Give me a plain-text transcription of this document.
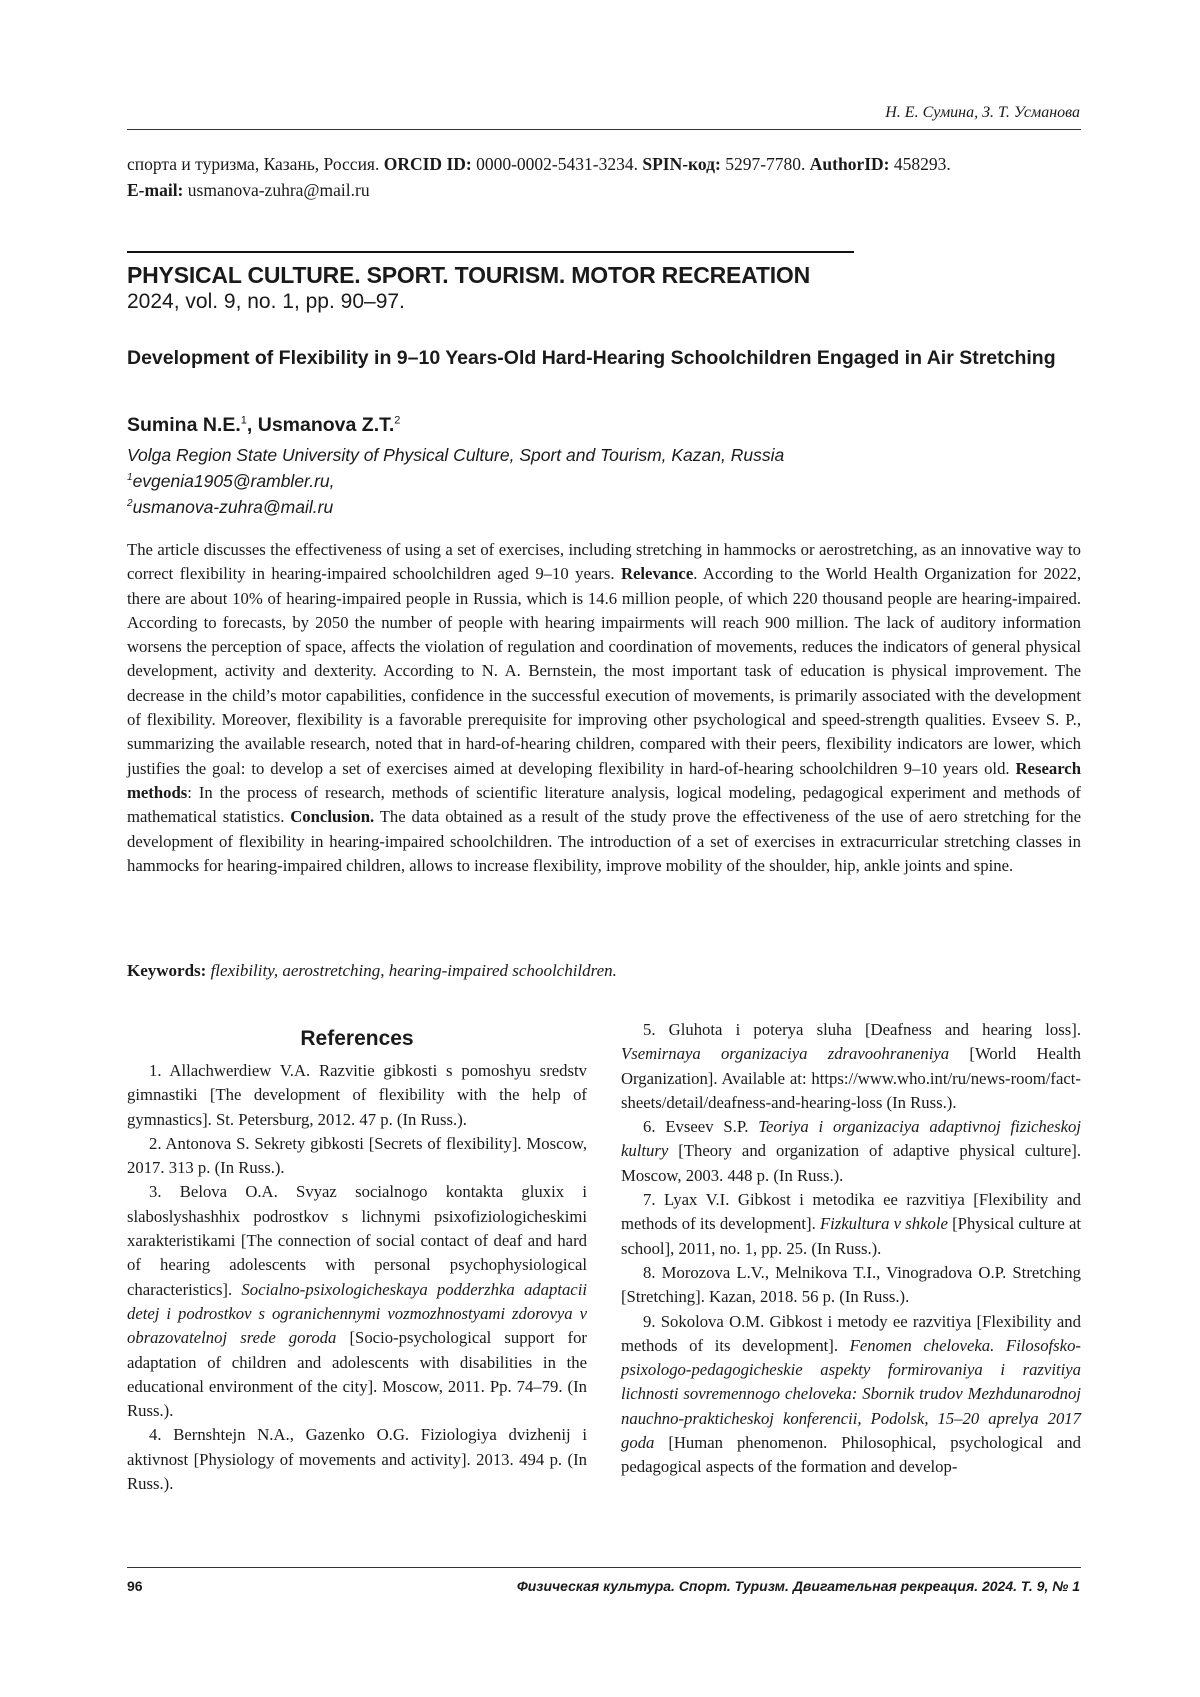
Н. Е. Сумина, З. Т. Усманова
спорта и туризма, Казань, Россия. ORCID ID: 0000-0002-5431-3234. SPIN-код: 5297-7780. AuthorID: 458293.
E-mail: usmanova-zuhra@mail.ru
PHYSICAL CULTURE. SPORT. TOURISM. MOTOR RECREATION
2024, vol. 9, no. 1, pp. 90–97.
Development of Flexibility in 9–10 Years-Old Hard-Hearing Schoolchildren Engaged in Air Stretching
Sumina N.E.$^1$, Usmanova Z.T.$^2$
Volga Region State University of Physical Culture, Sport and Tourism, Kazan, Russia
$^1$evgenia1905@rambler.ru,
$^2$usmanova-zuhra@mail.ru
The article discusses the effectiveness of using a set of exercises, including stretching in hammocks or aerostretching, as an innovative way to correct flexibility in hearing-impaired schoolchildren aged 9–10 years. Relevance. According to the World Health Organization for 2022, there are about 10% of hearing-impaired people in Russia, which is 14.6 million people, of which 220 thousand people are hearing-impaired. According to forecasts, by 2050 the number of people with hearing impairments will reach 900 million. The lack of auditory information worsens the perception of space, affects the violation of regulation and coordination of movements, reduces the indicators of general physical development, activity and dexterity. According to N. A. Bernstein, the most important task of education is physical improvement. The decrease in the child’s motor capabilities, confidence in the successful execution of movements, is primarily associated with the development of flexibility. Moreover, flexibility is a favorable prerequisite for improving other psychological and speed-strength qualities. Evseev S. P., summarizing the available research, noted that in hard-of-hearing children, compared with their peers, flexibility indicators are lower, which justifies the goal: to develop a set of exercises aimed at developing flexibility in hard-of-hearing schoolchildren 9–10 years old. Research methods: In the process of research, methods of scientific literature analysis, logical modeling, pedagogical experiment and methods of mathematical statistics. Conclusion. The data obtained as a result of the study prove the effectiveness of the use of aero stretching for the development of flexibility in hearing-impaired schoolchildren. The introduction of a set of exercises in extracurricular stretching classes in hammocks for hearing-impaired children, allows to increase flexibility, improve mobility of the shoulder, hip, ankle joints and spine.
Keywords: flexibility, aerostretching, hearing-impaired schoolchildren.
References

1. Allachwerdiew V.A. Razvitie gibkosti s pomoshyu sredstv gimnastiki [The development of flexibility with the help of gymnastics]. St. Petersburg, 2012. 47 p. (In Russ.).

2. Antonova S. Sekrety gibkosti [Secrets of flexibility]. Moscow, 2017. 313 p. (In Russ.).

3. Belova O.A. Svyaz socialnogo kontakta gluxix i slaboslyshashhix podrostkov s lichnymi psixofiziologicheskimi xarakteristikami [The connection of social contact of deaf and hard of hearing adolescents with personal psychophysiological characteristics]. Socialno-psixologicheskaya podderzhka adaptacii detej i podrostkov s ogranichennymi vozmozhnostyami zdorovya v obrazovatelnoj srede goroda [Socio-psychological support for adaptation of children and adolescents with disabilities in the educational environment of the city]. Moscow, 2011. Pp. 74–79. (In Russ.).

4. Bernshtejn N.A., Gazenko O.G. Fiziologiya dvizhenij i aktivnost [Physiology of movements and activity]. 2013. 494 p. (In Russ.).

5. Gluhota i poterya sluha [Deafness and hearing loss]. Vsemirnaya organizaciya zdravoohraneniya [World Health Organization]. Available at: https://www.who.int/ru/news-room/fact-sheets/detail/deafness-and-hearing-loss (In Russ.).

6. Evseev S.P. Teoriya i organizaciya adaptivnoj fizicheskoj kultury [Theory and organization of adaptive physical culture]. Moscow, 2003. 448 p. (In Russ.).

7. Lyax V.I. Gibkost i metodika ee razvitiya [Flexibility and methods of its development]. Fizkultura v shkole [Physical culture at school], 2011, no. 1, pp. 25. (In Russ.).

8. Morozova L.V., Melnikova T.I., Vinogradova O.P. Stretching [Stretching]. Kazan, 2018. 56 p. (In Russ.).

9. Sokolova O.M. Gibkost i metody ee razvitiya [Flexibility and methods of its development]. Fenomen cheloveka. Filosofsko-psixologo-pedagogicheskie aspekty formirovaniya i razvitiya lichnosti sovremennogo cheloveka: Sbornik trudov Mezhdunarodnoj nauchno-prakticheskoj konferencii, Podolsk, 15–20 aprelya 2017 goda [Human phenomenon. Philosophical, psychological and pedagogical aspects of the formation and develop-

96	Физическая культура. Спорт. Туризм. Двигательная рекреация. 2024. Т. 9, № 1
